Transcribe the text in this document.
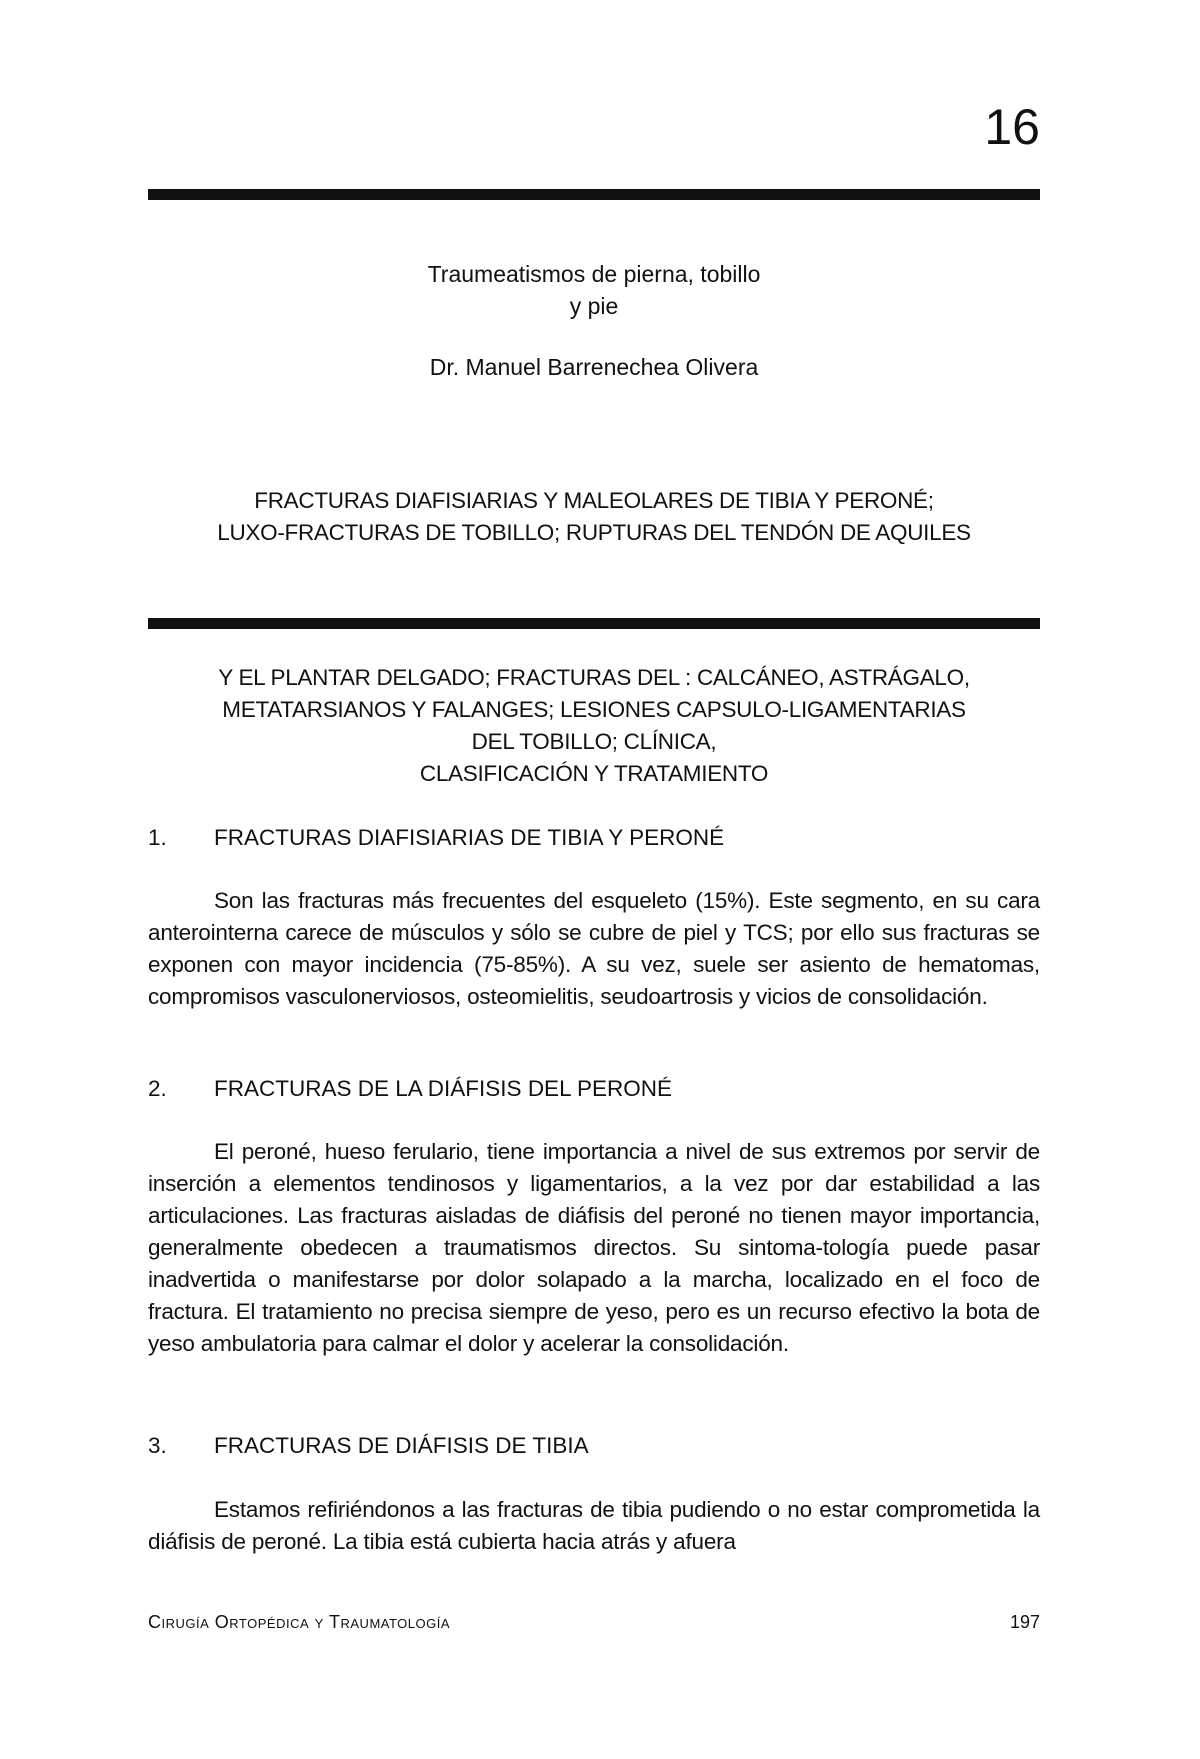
16
Traumeatismos de pierna, tobillo
y pie
Dr. Manuel Barrenechea Olivera
FRACTURAS DIAFISIARIAS Y MALEOLARES DE TIBIA Y PERONÉ;
LUXO-FRACTURAS DE TOBILLO; RUPTURAS DEL TENDÓN DE AQUILES
Y EL PLANTAR DELGADO; FRACTURAS DEL : CALCÁNEO, ASTRÁGALO,
METATARSIANOS Y FALANGES; LESIONES CAPSULO-LIGAMENTARIAS
DEL TOBILLO; CLÍNICA,
CLASIFICACIÓN Y TRATAMIENTO
1. FRACTURAS DIAFISIARIAS DE TIBIA Y PERONÉ
Son las fracturas más frecuentes del esqueleto (15%). Este segmento, en su cara anterointerna carece de músculos y sólo se cubre de piel y TCS; por ello sus fracturas se exponen con mayor incidencia (75-85%). A su vez, suele ser asiento de hematomas, compromisos vasculonerviosos, osteomielitis, seudoartrosis y vicios de consolidación.
2. FRACTURAS DE LA DIÁFISIS DEL PERONÉ
El peroné, hueso ferulario, tiene importancia a nivel de sus extremos por servir de inserción a elementos tendinosos y ligamentarios, a la vez por dar estabilidad a las articulaciones. Las fracturas aisladas de diáfisis del peroné no tienen mayor importancia, generalmente obedecen a traumatismos directos. Su sintoma-tología puede pasar inadvertida o manifestarse por dolor solapado a la marcha, localizado en el foco de fractura. El tratamiento no precisa siempre de yeso, pero es un recurso efectivo la bota de yeso ambulatoria para calmar el dolor y acelerar la consolidación.
3. FRACTURAS DE DIÁFISIS DE TIBIA
Estamos refiriéndonos a las fracturas de tibia pudiendo o no estar comprometida la diáfisis de peroné. La tibia está cubierta hacia atrás y afuera
Cirugía Ortopédica y Traumatología	197
